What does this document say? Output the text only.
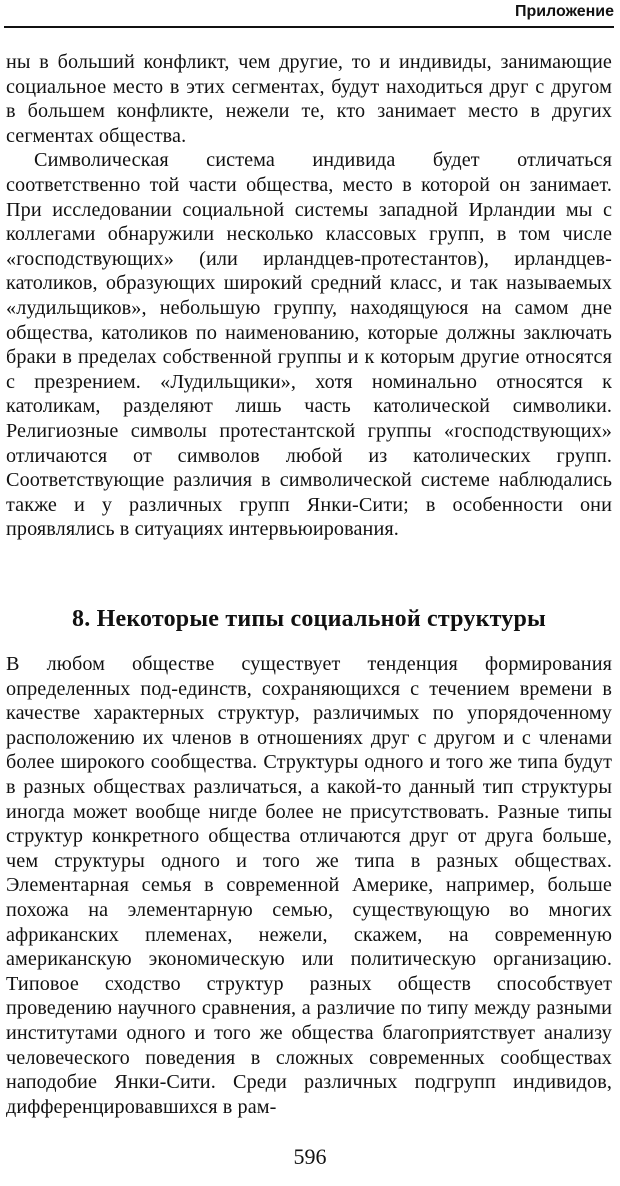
Приложение

ны в больший конфликт, чем другие, то и индивиды, занимающие социальное место в этих сегментах, будут находиться друг с другом в большем конфликте, нежели те, кто занимает место в других сегментах общества.

Символическая система индивида будет отличаться соответственно той части общества, место в которой он занимает. При исследовании социальной системы западной Ирландии мы с коллегами обнаружили несколько классовых групп, в том числе «господствующих» (или ирландцев-протестантов), ирландцев-католиков, образующих широкий средний класс, и так называемых «лудильщиков», небольшую группу, находящуюся на самом дне общества, католиков по наименованию, которые должны заключать браки в пределах собственной группы и к которым другие относятся с презрением. «Лудильщики», хотя номинально относятся к католикам, разделяют лишь часть католической символики. Религиозные символы протестантской группы «господствующих» отличаются от символов любой из католических групп. Соответствующие различия в символической системе наблюдались также и у различных групп Янки-Сити; в особенности они проявлялись в ситуациях интервьюирования.

8. Некоторые типы социальной структуры

В любом обществе существует тенденция формирования определенных под-единств, сохраняющихся с течением времени в качестве характерных структур, различимых по упорядоченному расположению их членов в отношениях друг с другом и с членами более широкого сообщества. Структуры одного и того же типа будут в разных обществах различаться, а какой-то данный тип структуры иногда может вообще нигде более не присутствовать. Разные типы структур конкретного общества отличаются друг от друга больше, чем структуры одного и того же типа в разных обществах. Элементарная семья в современной Америке, например, больше похожа на элементарную семью, существующую во многих африканских племенах, нежели, скажем, на современную американскую экономическую или политическую организацию. Типовое сходство структур разных обществ способствует проведению научного сравнения, а различие по типу между разными институтами одного и того же общества благоприятствует анализу человеческого поведения в сложных современных сообществах наподобие Янки-Сити. Среди различных подгрупп индивидов, дифференцировавшихся в рам-

596
